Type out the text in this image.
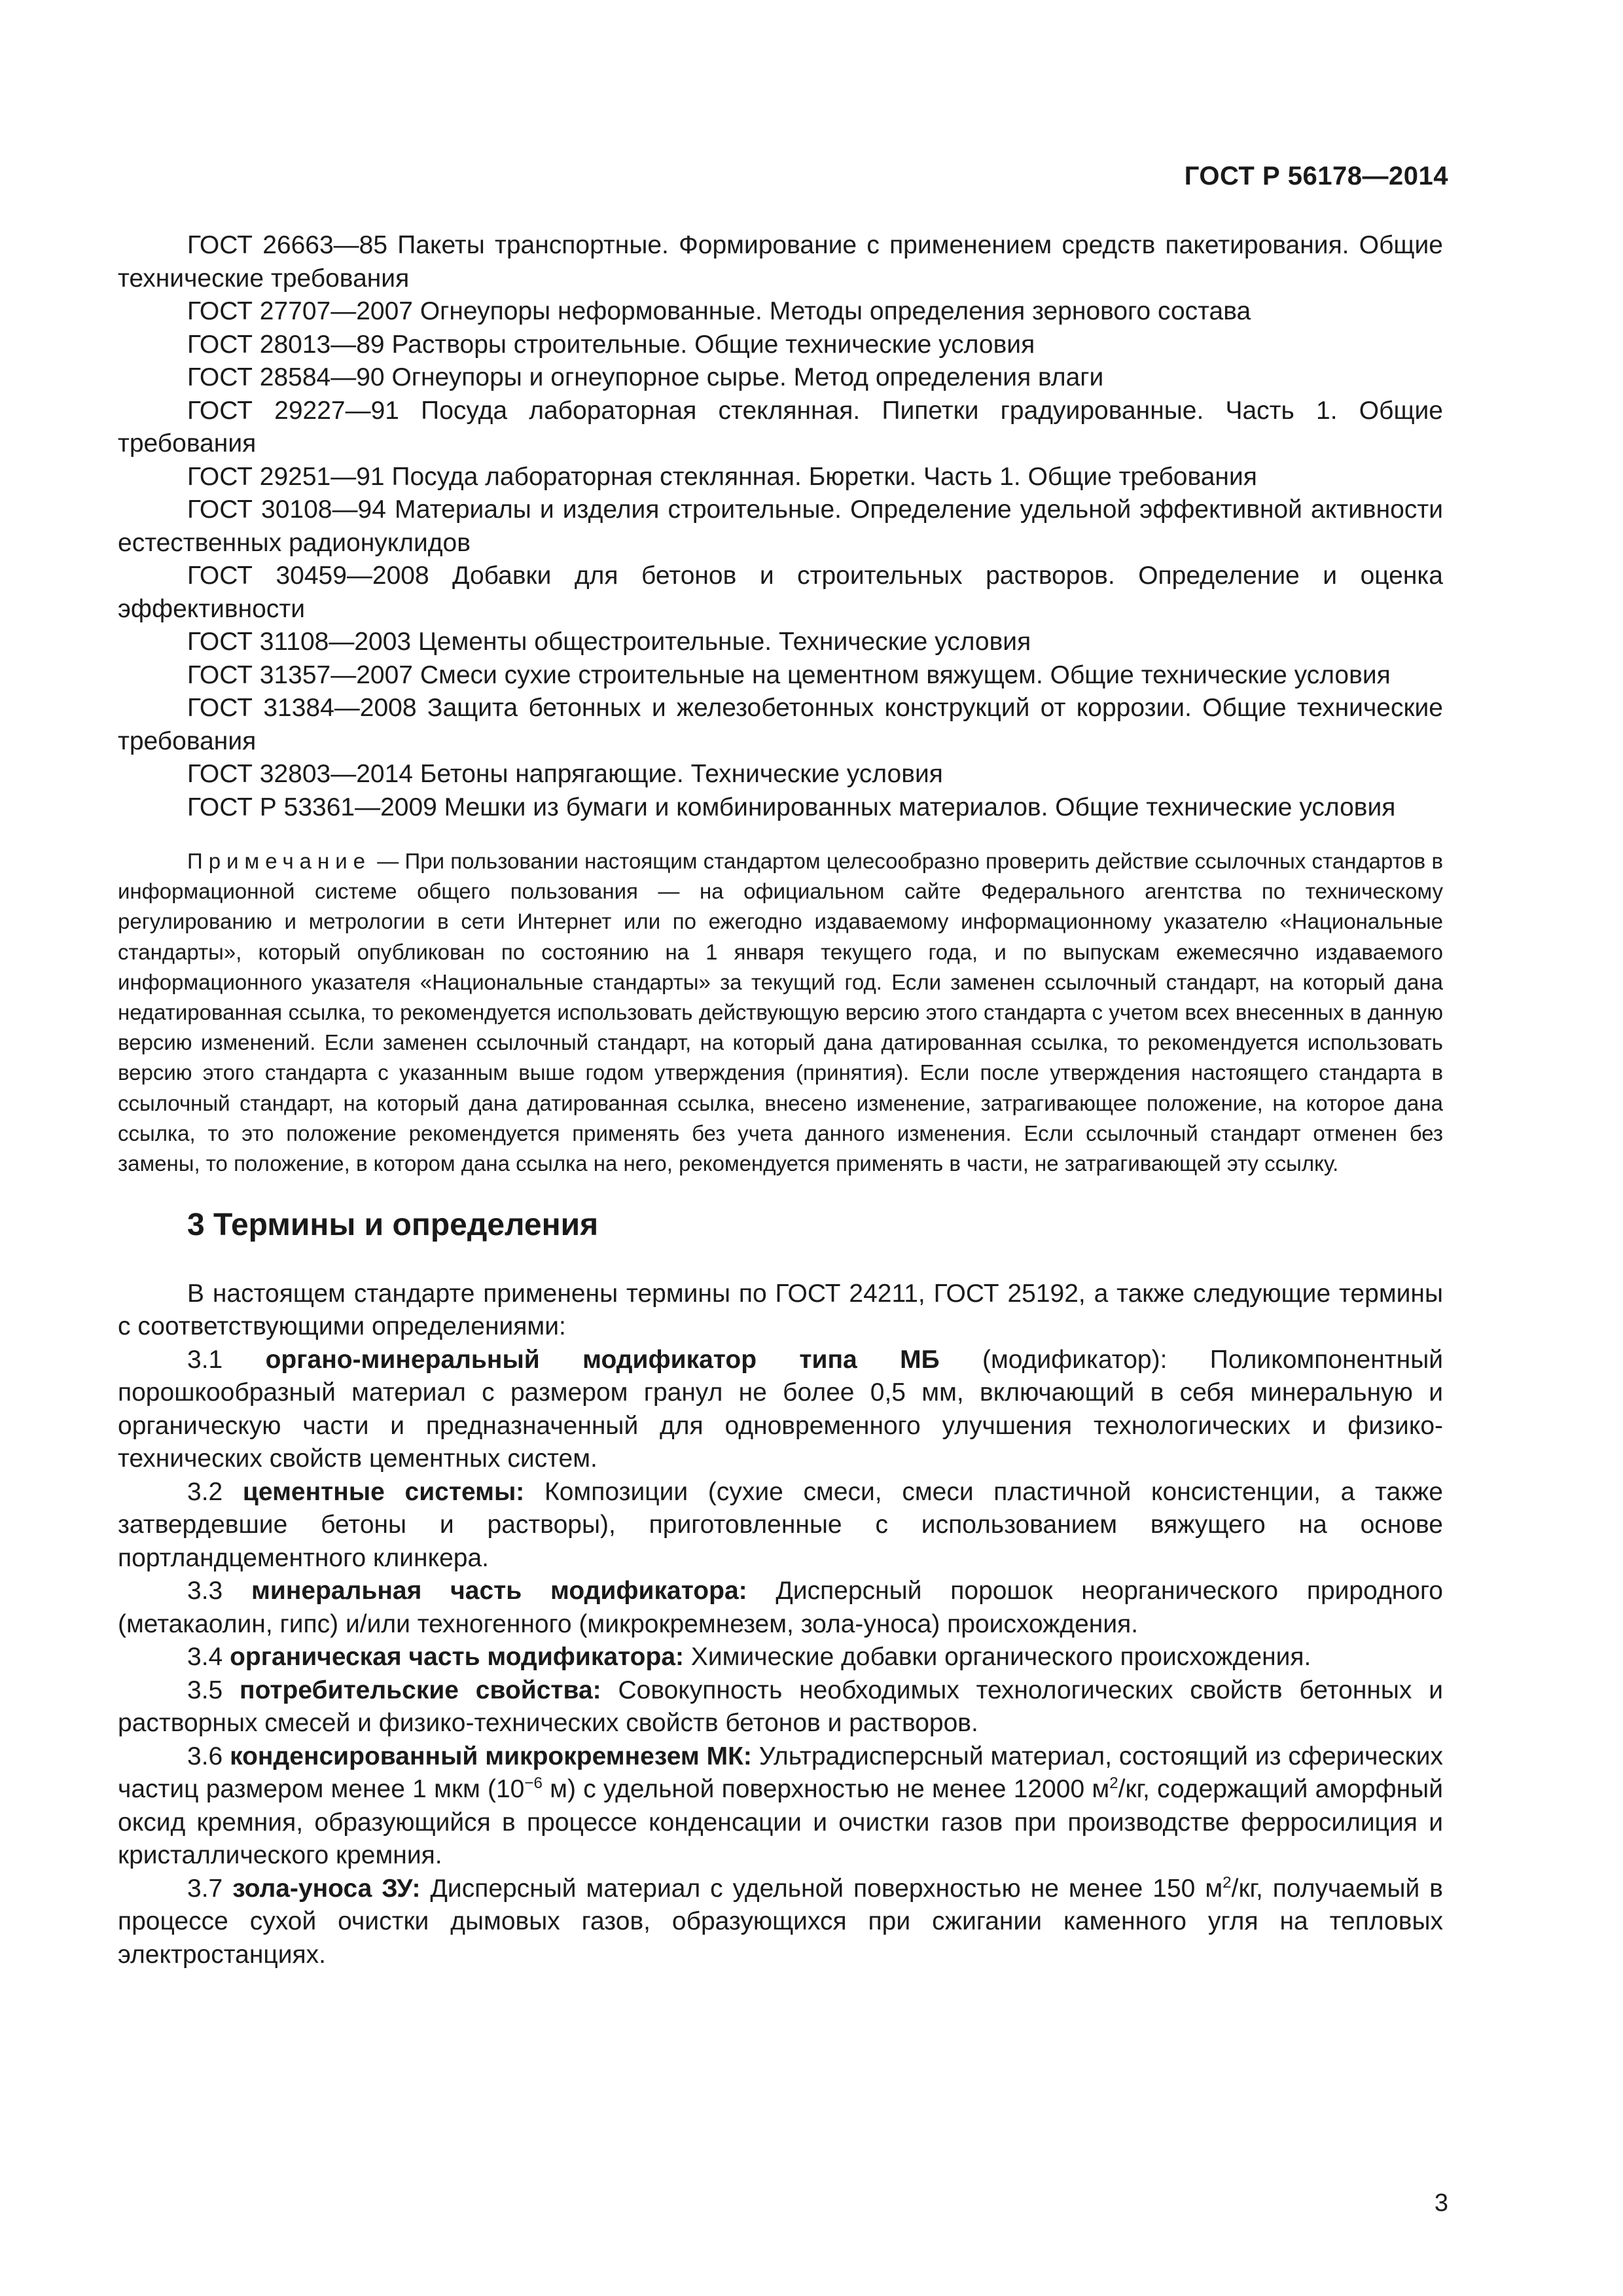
ГОСТ Р 56178—2014

ГОСТ 26663—85 Пакеты транспортные. Формирование с применением средств пакетирования. Общие технические требования

ГОСТ 27707—2007 Огнеупоры неформованные. Методы определения зернового состава

ГОСТ 28013—89 Растворы строительные. Общие технические условия

ГОСТ 28584—90 Огнеупоры и огнеупорное сырье. Метод определения влаги

ГОСТ 29227—91 Посуда лабораторная стеклянная. Пипетки градуированные. Часть 1. Общие требования

ГОСТ 29251—91 Посуда лабораторная стеклянная. Бюретки. Часть 1. Общие требования

ГОСТ 30108—94 Материалы и изделия строительные. Определение удельной эффективной активности естественных радионуклидов

ГОСТ 30459—2008 Добавки для бетонов и строительных растворов. Определение и оценка эффективности

ГОСТ 31108—2003 Цементы общестроительные. Технические условия

ГОСТ 31357—2007 Смеси сухие строительные на цементном вяжущем. Общие технические условия

ГОСТ 31384—2008 Защита бетонных и железобетонных конструкций от коррозии. Общие технические требования

ГОСТ 32803—2014 Бетоны напрягающие. Технические условия

ГОСТ Р 53361—2009 Мешки из бумаги и комбинированных материалов. Общие технические условия

Примечание — При пользовании настоящим стандартом целесообразно проверить действие ссылочных стандартов в информационной системе общего пользования — на официальном сайте Федерального агентства по техническому регулированию и метрологии в сети Интернет или по ежегодно издаваемому информационному указателю «Национальные стандарты», который опубликован по состоянию на 1 января текущего года, и по выпускам ежемесячно издаваемого информационного указателя «Национальные стандарты» за текущий год. Если заменен ссылочный стандарт, на который дана недатированная ссылка, то рекомендуется использовать действующую версию этого стандарта с учетом всех внесенных в данную версию изменений. Если заменен ссылочный стандарт, на который дана датированная ссылка, то рекомендуется использовать версию этого стандарта с указанным выше годом утверждения (принятия). Если после утверждения настоящего стандарта в ссылочный стандарт, на который дана датированная ссылка, внесено изменение, затрагивающее положение, на которое дана ссылка, то это положение рекомендуется применять без учета данного изменения. Если ссылочный стандарт отменен без замены, то положение, в котором дана ссылка на него, рекомендуется применять в части, не затрагивающей эту ссылку.

3 Термины и определения

В настоящем стандарте применены термины по ГОСТ 24211, ГОСТ 25192, а также следующие термины с соответствующими определениями:

3.1 органо-минеральный модификатор типа МБ (модификатор): Поликомпонентный порошкообразный материал с размером гранул не более 0,5 мм, включающий в себя минеральную и органическую части и предназначенный для одновременного улучшения технологических и физико-технических свойств цементных систем.

3.2 цементные системы: Композиции (сухие смеси, смеси пластичной консистенции, а также затвердевшие бетоны и растворы), приготовленные с использованием вяжущего на основе портландцементного клинкера.

3.3 минеральная часть модификатора: Дисперсный порошок неорганического природного (метакаолин, гипс) и/или техногенного (микрокремнезем, зола-уноса) происхождения.

3.4 органическая часть модификатора: Химические добавки органического происхождения.

3.5 потребительские свойства: Совокупность необходимых технологических свойств бетонных и растворных смесей и физико-технических свойств бетонов и растворов.

3.6 конденсированный микрокремнезем МК: Ультрадисперсный материал, состоящий из сферических частиц размером менее 1 мкм ($10^{-6}$ м) с удельной поверхностью не менее 12000 $м^2/кг$, содержащий аморфный оксид кремния, образующийся в процессе конденсации и очистки газов при производстве ферросилиция и кристаллического кремния.

3.7 зола-уноса ЗУ: Дисперсный материал с удельной поверхностью не менее 150 $м^2/кг$, получаемый в процессе сухой очистки дымовых газов, образующихся при сжигании каменного угля на тепловых электростанциях.

3
